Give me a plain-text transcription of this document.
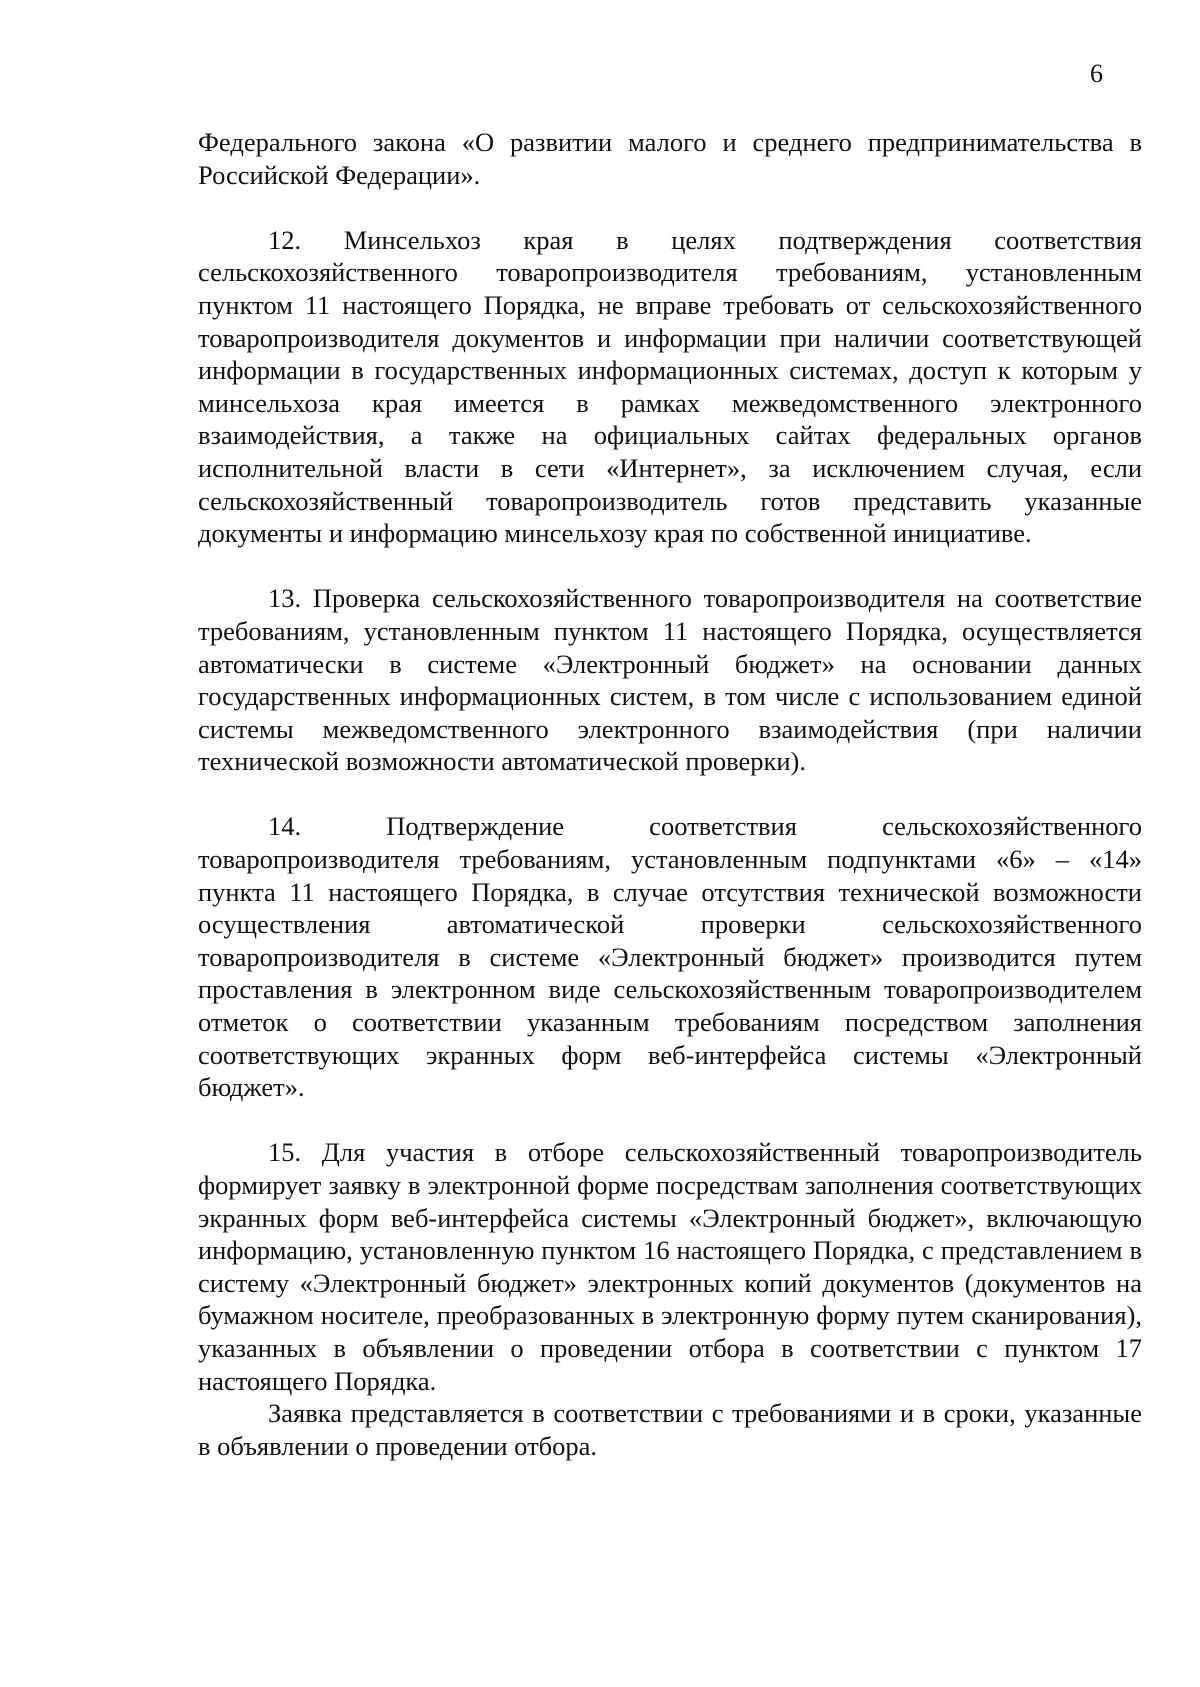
6

Федерального закона «О развитии малого и среднего предпринимательства в Российской Федерации».

12. Минсельхоз края в целях подтверждения соответствия сельскохозяйственного товаропроизводителя требованиям, установленным пунктом 11 настоящего Порядка, не вправе требовать от сельскохозяйственного товаропроизводителя документов и информации при наличии соответствующей информации в государственных информационных системах, доступ к которым у минсельхоза края имеется в рамках межведомственного электронного взаимодействия, а также на официальных сайтах федеральных органов исполнительной власти в сети «Интернет», за исключением случая, если сельскохозяйственный товаропроизводитель готов представить указанные документы и информацию минсельхозу края по собственной инициативе.

13. Проверка сельскохозяйственного товаропроизводителя на соответствие требованиям, установленным пунктом 11 настоящего Порядка, осуществляется автоматически в системе «Электронный бюджет» на основании данных государственных информационных систем, в том числе с использованием единой системы межведомственного электронного взаимодействия (при наличии технической возможности автоматической проверки).

14. Подтверждение соответствия сельскохозяйственного товаропроизводителя требованиям, установленным подпунктами «6» – «14» пункта 11 настоящего Порядка, в случае отсутствия технической возможности осуществления автоматической проверки сельскохозяйственного товаропроизводителя в системе «Электронный бюджет» производится путем проставления в электронном виде сельскохозяйственным товаропроизводителем отметок о соответствии указанным требованиям посредством заполнения соответствующих экранных форм веб-интерфейса системы «Электронный бюджет».

15. Для участия в отборе сельскохозяйственный товаропроизводитель формирует заявку в электронной форме посредствам заполнения соответствующих экранных форм веб-интерфейса системы «Электронный бюджет», включающую информацию, установленную пунктом 16 настоящего Порядка, с представлением в систему «Электронный бюджет» электронных копий документов (документов на бумажном носителе, преобразованных в электронную форму путем сканирования), указанных в объявлении о проведении отбора в соответствии с пунктом 17 настоящего Порядка.

Заявка представляется в соответствии с требованиями и в сроки, указанные в объявлении о проведении отбора.
